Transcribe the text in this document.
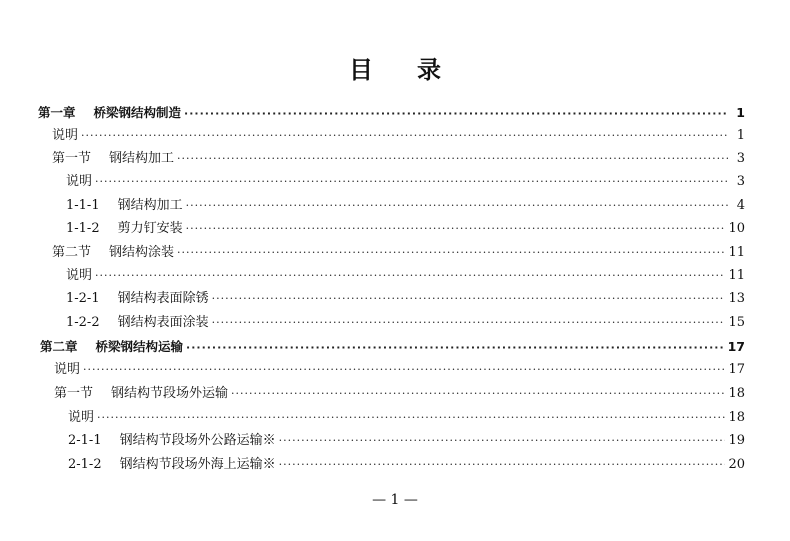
目 录
第一章 桥梁钢结构制造 ·····	1
说明 ·····	1
第一节 钢结构加工 ·····	3
说明 ·····	3
1-1-1 钢结构加工 ·····	4
1-1-2 剪力钉安装 ·····	10
第二节 钢结构涂装 ·····	11
说明 ·····	11
1-2-1 钢结构表面除锈 ·····	13
1-2-2 钢结构表面涂装 ·····	15
第二章 桥梁钢结构运输 ·····	17
说明 ·····	17
第一节 钢结构节段场外运输 ·····	18
说明 ·····	18
2-1-1 钢结构节段场外公路运输※ ·····	19
2-1-2 钢结构节段场外海上运输※ ·····	20
— 1 —
